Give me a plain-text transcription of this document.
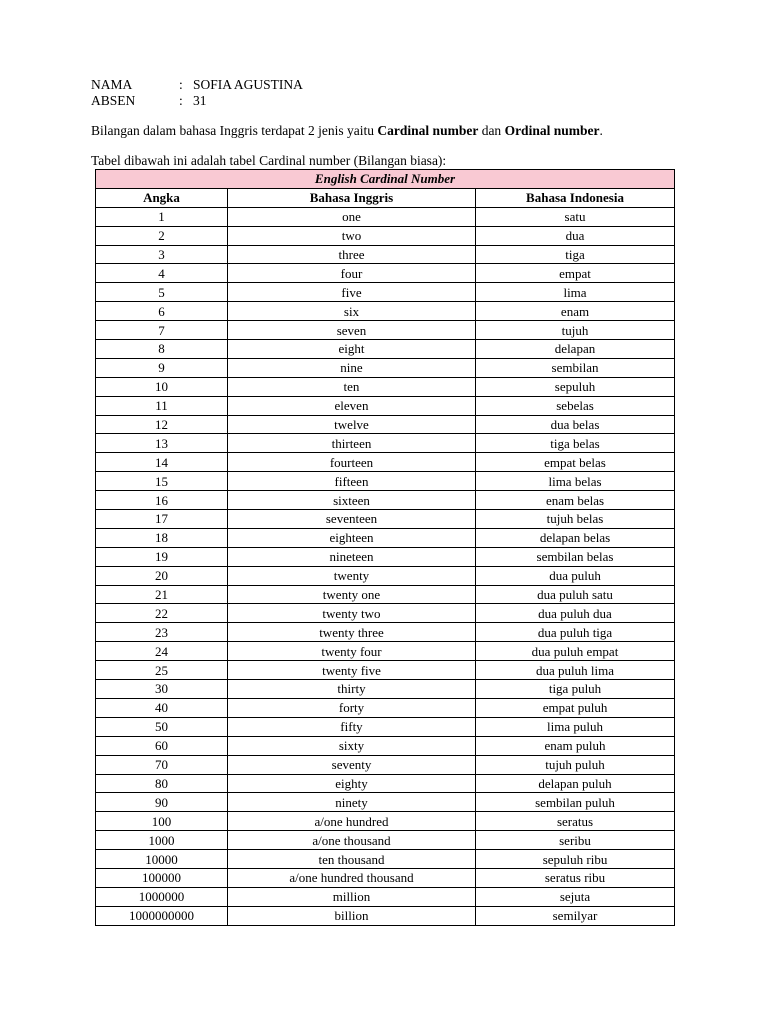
NAMA	: SOFIA AGUSTINA
ABSEN	: 31
Bilangan dalam bahasa Inggris terdapat 2 jenis yaitu Cardinal number dan Ordinal number.
Tabel dibawah ini adalah tabel Cardinal number (Bilangan biasa):
English Cardinal Number		
Angka	Bahasa Inggris	Bahasa Indonesia
1	one	satu
2	two	dua
3	three	tiga
4	four	empat
5	five	lima
6	six	enam
7	seven	tujuh
8	eight	delapan
9	nine	sembilan
10	ten	sepuluh
11	eleven	sebelas
12	twelve	dua belas
13	thirteen	tiga belas
14	fourteen	empat belas
15	fifteen	lima belas
16	sixteen	enam belas
17	seventeen	tujuh belas
18	eighteen	delapan belas
19	nineteen	sembilan belas
20	twenty	dua puluh
21	twenty one	dua puluh satu
22	twenty two	dua puluh dua
23	twenty three	dua puluh tiga
24	twenty four	dua puluh empat
25	twenty five	dua puluh lima
30	thirty	tiga puluh
40	forty	empat puluh
50	fifty	lima puluh
60	sixty	enam puluh
70	seventy	tujuh puluh
80	eighty	delapan puluh
90	ninety	sembilan puluh
100	a/one hundred	seratus
1000	a/one thousand	seribu
10000	ten thousand	sepuluh ribu
100000	a/one hundred thousand	seratus ribu
1000000	million	sejuta
1000000000	billion	semilyar
